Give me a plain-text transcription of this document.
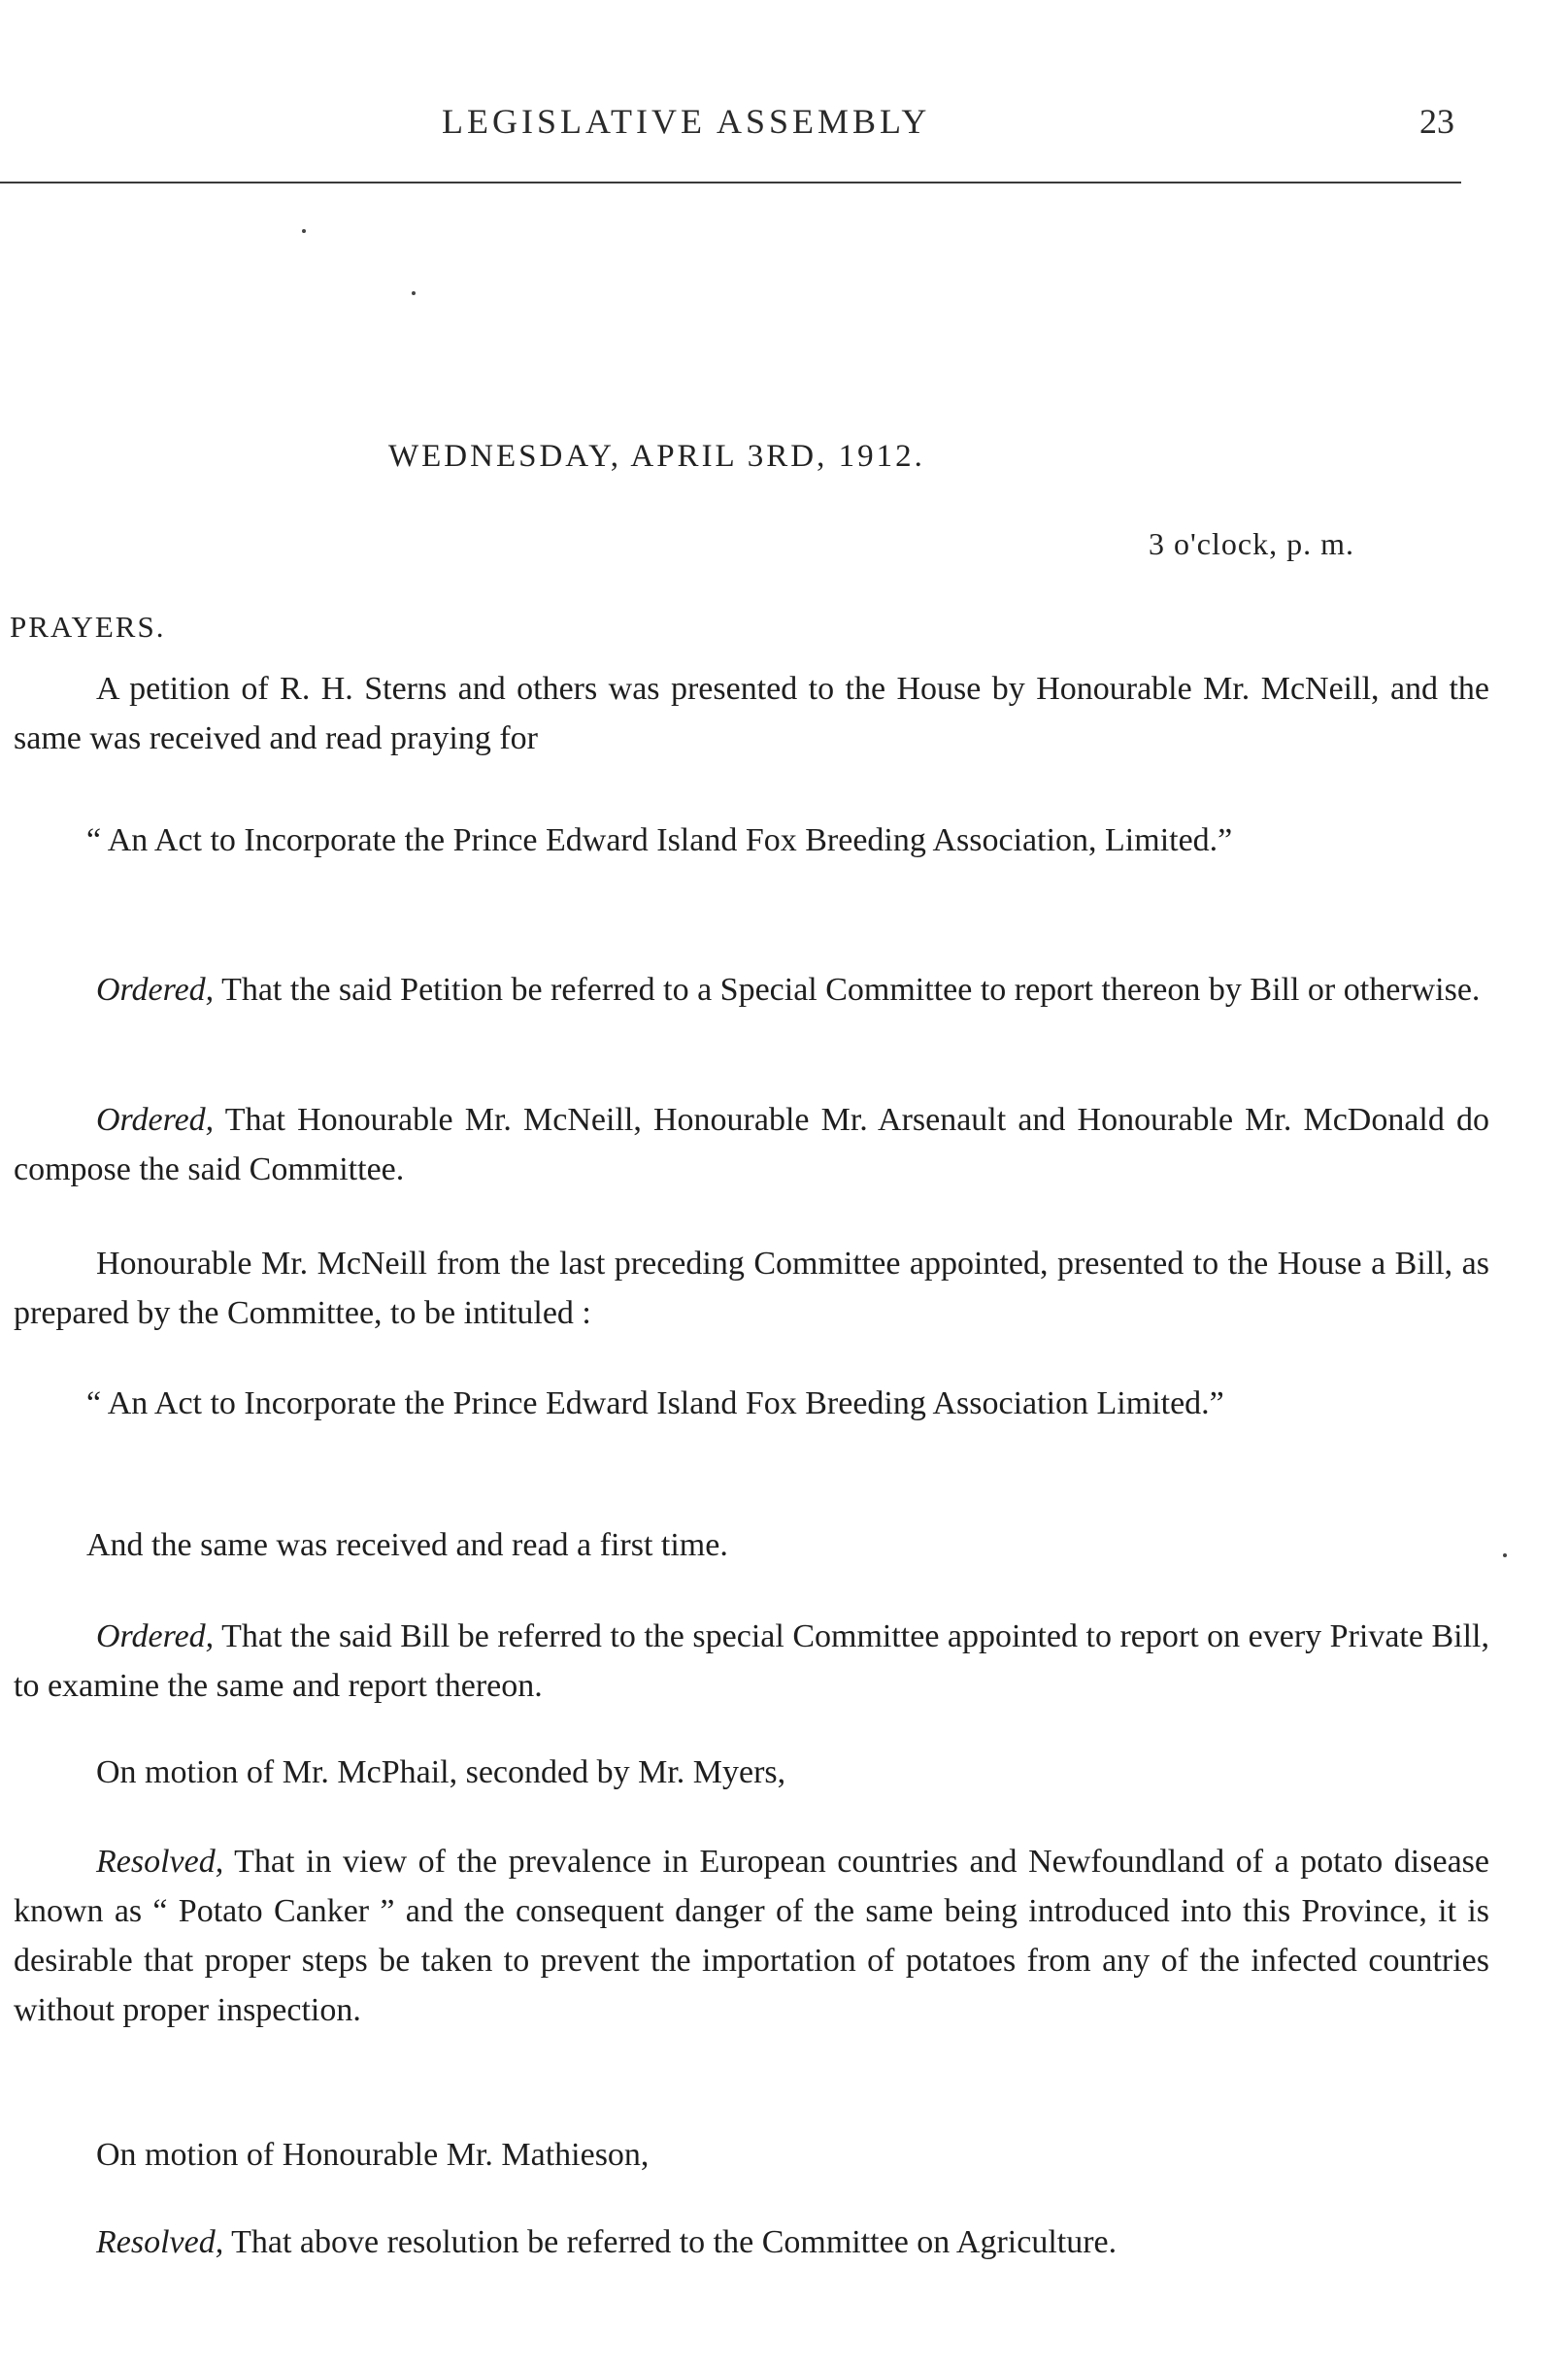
LEGISLATIVE ASSEMBLY	23
WEDNESDAY, APRIL 3RD, 1912.
3 o'clock, p. m.
PRAYERS.

A petition of R. H. Sterns and others was presented to the House by Honourable Mr. McNeill, and the same was received and read praying for

“ An Act to Incorporate the Prince Edward Island Fox Breeding Association, Limited.”

Ordered, That the said Petition be referred to a Special Committee to report thereon by Bill or otherwise.

Ordered, That Honourable Mr. McNeill, Honourable Mr. Arsenault and Honourable Mr. McDonald do compose the said Committee.

Honourable Mr. McNeill from the last preceding Committee appointed, presented to the House a Bill, as prepared by the Committee, to be intituled :

“ An Act to Incorporate the Prince Edward Island Fox Breeding Association Limited.”

And the same was received and read a first time.

Ordered, That the said Bill be referred to the special Committee appointed to report on every Private Bill, to examine the same and report thereon.

On motion of Mr. McPhail, seconded by Mr. Myers,

Resolved, That in view of the prevalence in European countries and Newfoundland of a potato disease known as “ Potato Canker ” and the consequent danger of the same being introduced into this Province, it is desirable that proper steps be taken to prevent the importation of potatoes from any of the infected countries without proper inspection.

On motion of Honourable Mr. Mathieson,

Resolved, That above resolution be referred to the Committee on Agriculture.
